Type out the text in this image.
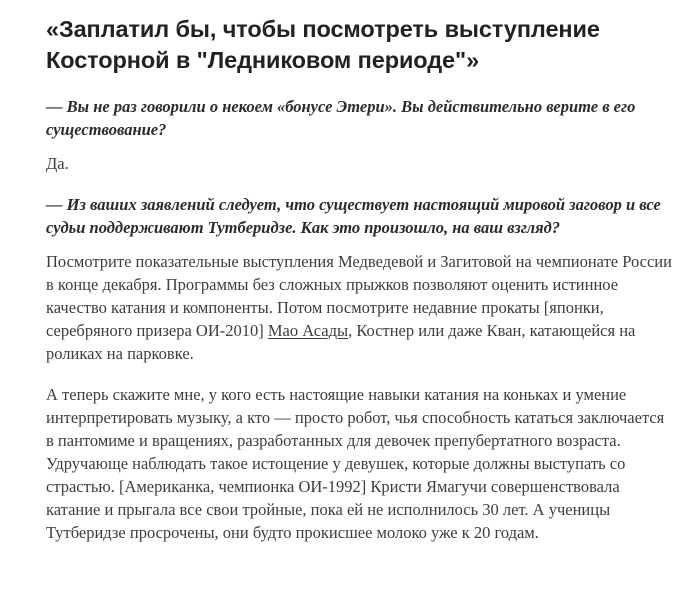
«Заплатил бы, чтобы посмотреть выступление Косторной в "Ледниковом периоде"»

— Вы не раз говорили о некоем «бонусе Этери». Вы действительно верите в его существование?

Да.

— Из ваших заявлений следует, что существует настоящий мировой заговор и все судьи поддерживают Тутберидзе. Как это произошло, на ваш взгляд?

Посмотрите показательные выступления Медведевой и Загитовой на чемпионате России в конце декабря. Программы без сложных прыжков позволяют оценить истинное качество катания и компоненты. Потом посмотрите недавние прокаты [японки, серебряного призера ОИ-2010] Мао Асады, Костнер или даже Кван, катающейся на роликах на парковке.

А теперь скажите мне, у кого есть настоящие навыки катания на коньках и умение интерпретировать музыку, а кто — просто робот, чья способность кататься заключается в пантомиме и вращениях, разработанных для девочек препубертатного возраста. Удручающе наблюдать такое истощение у девушек, которые должны выступать со страстью. [Американка, чемпионка ОИ-1992] Кристи Ямагучи совершенствовала катание и прыгала все свои тройные, пока ей не исполнилось 30 лет. А ученицы Тутберидзе просрочены, они будто прокисшее молоко уже к 20 годам.
